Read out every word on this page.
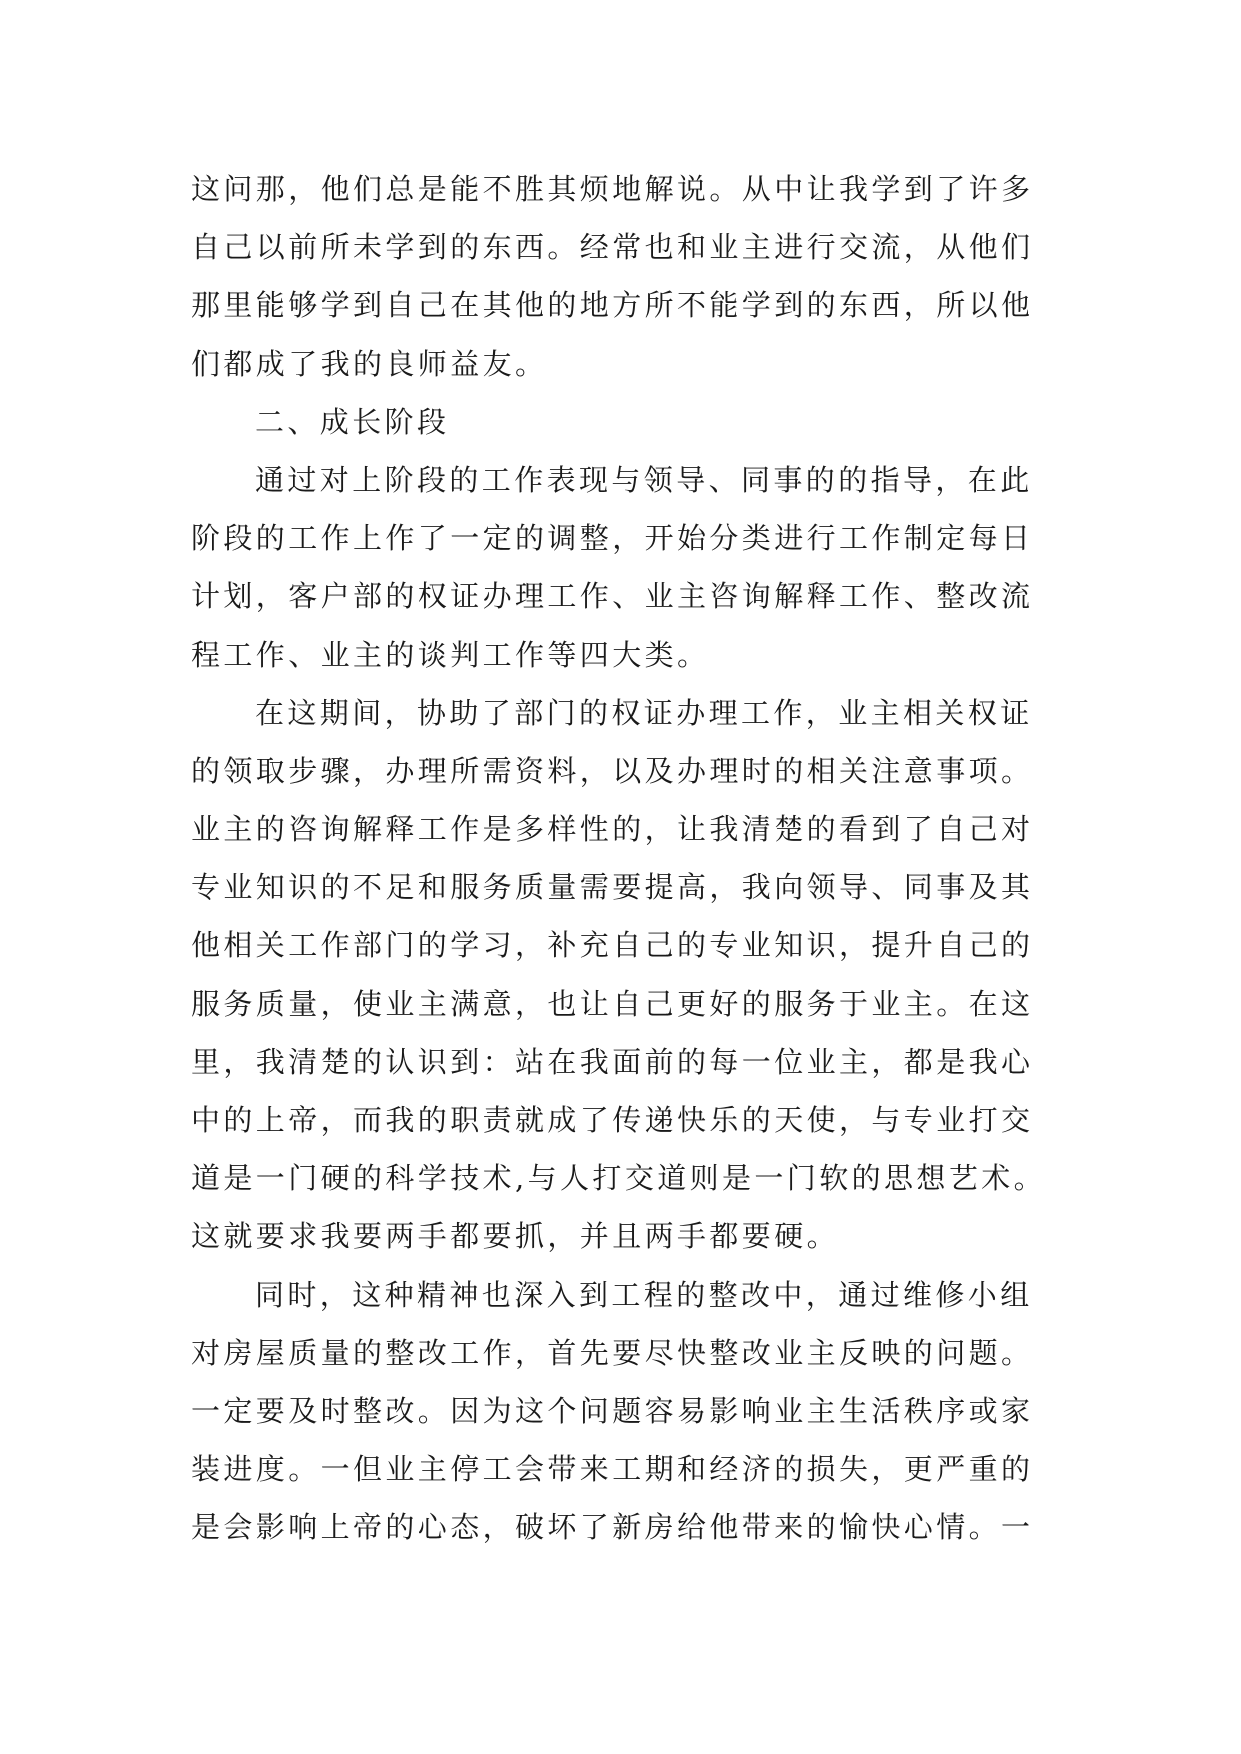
这问那，他们总是能不胜其烦地解说。从中让我学到了许多
自己以前所未学到的东西。经常也和业主进行交流，从他们
那里能够学到自己在其他的地方所不能学到的东西，所以他
们都成了我的良师益友。
二、成长阶段
通过对上阶段的工作表现与领导、同事的的指导，在此
阶段的工作上作了一定的调整，开始分类进行工作制定每日
计划，客户部的权证办理工作、业主咨询解释工作、整改流
程工作、业主的谈判工作等四大类。
在这期间，协助了部门的权证办理工作，业主相关权证
的领取步骤，办理所需资料，以及办理时的相关注意事项。
业主的咨询解释工作是多样性的，让我清楚的看到了自己对
专业知识的不足和服务质量需要提高，我向领导、同事及其
他相关工作部门的学习，补充自己的专业知识，提升自己的
服务质量，使业主满意，也让自己更好的服务于业主。在这
里，我清楚的认识到：站在我面前的每一位业主，都是我心
中的上帝，而我的职责就成了传递快乐的天使，与专业打交
道是一门硬的科学技术,与人打交道则是一门软的思想艺术。
这就要求我要两手都要抓，并且两手都要硬。
同时，这种精神也深入到工程的整改中，通过维修小组
对房屋质量的整改工作，首先要尽快整改业主反映的问题。
一定要及时整改。因为这个问题容易影响业主生活秩序或家
装进度。一但业主停工会带来工期和经济的损失，更严重的
是会影响上帝的心态，破坏了新房给他带来的愉快心情。一
